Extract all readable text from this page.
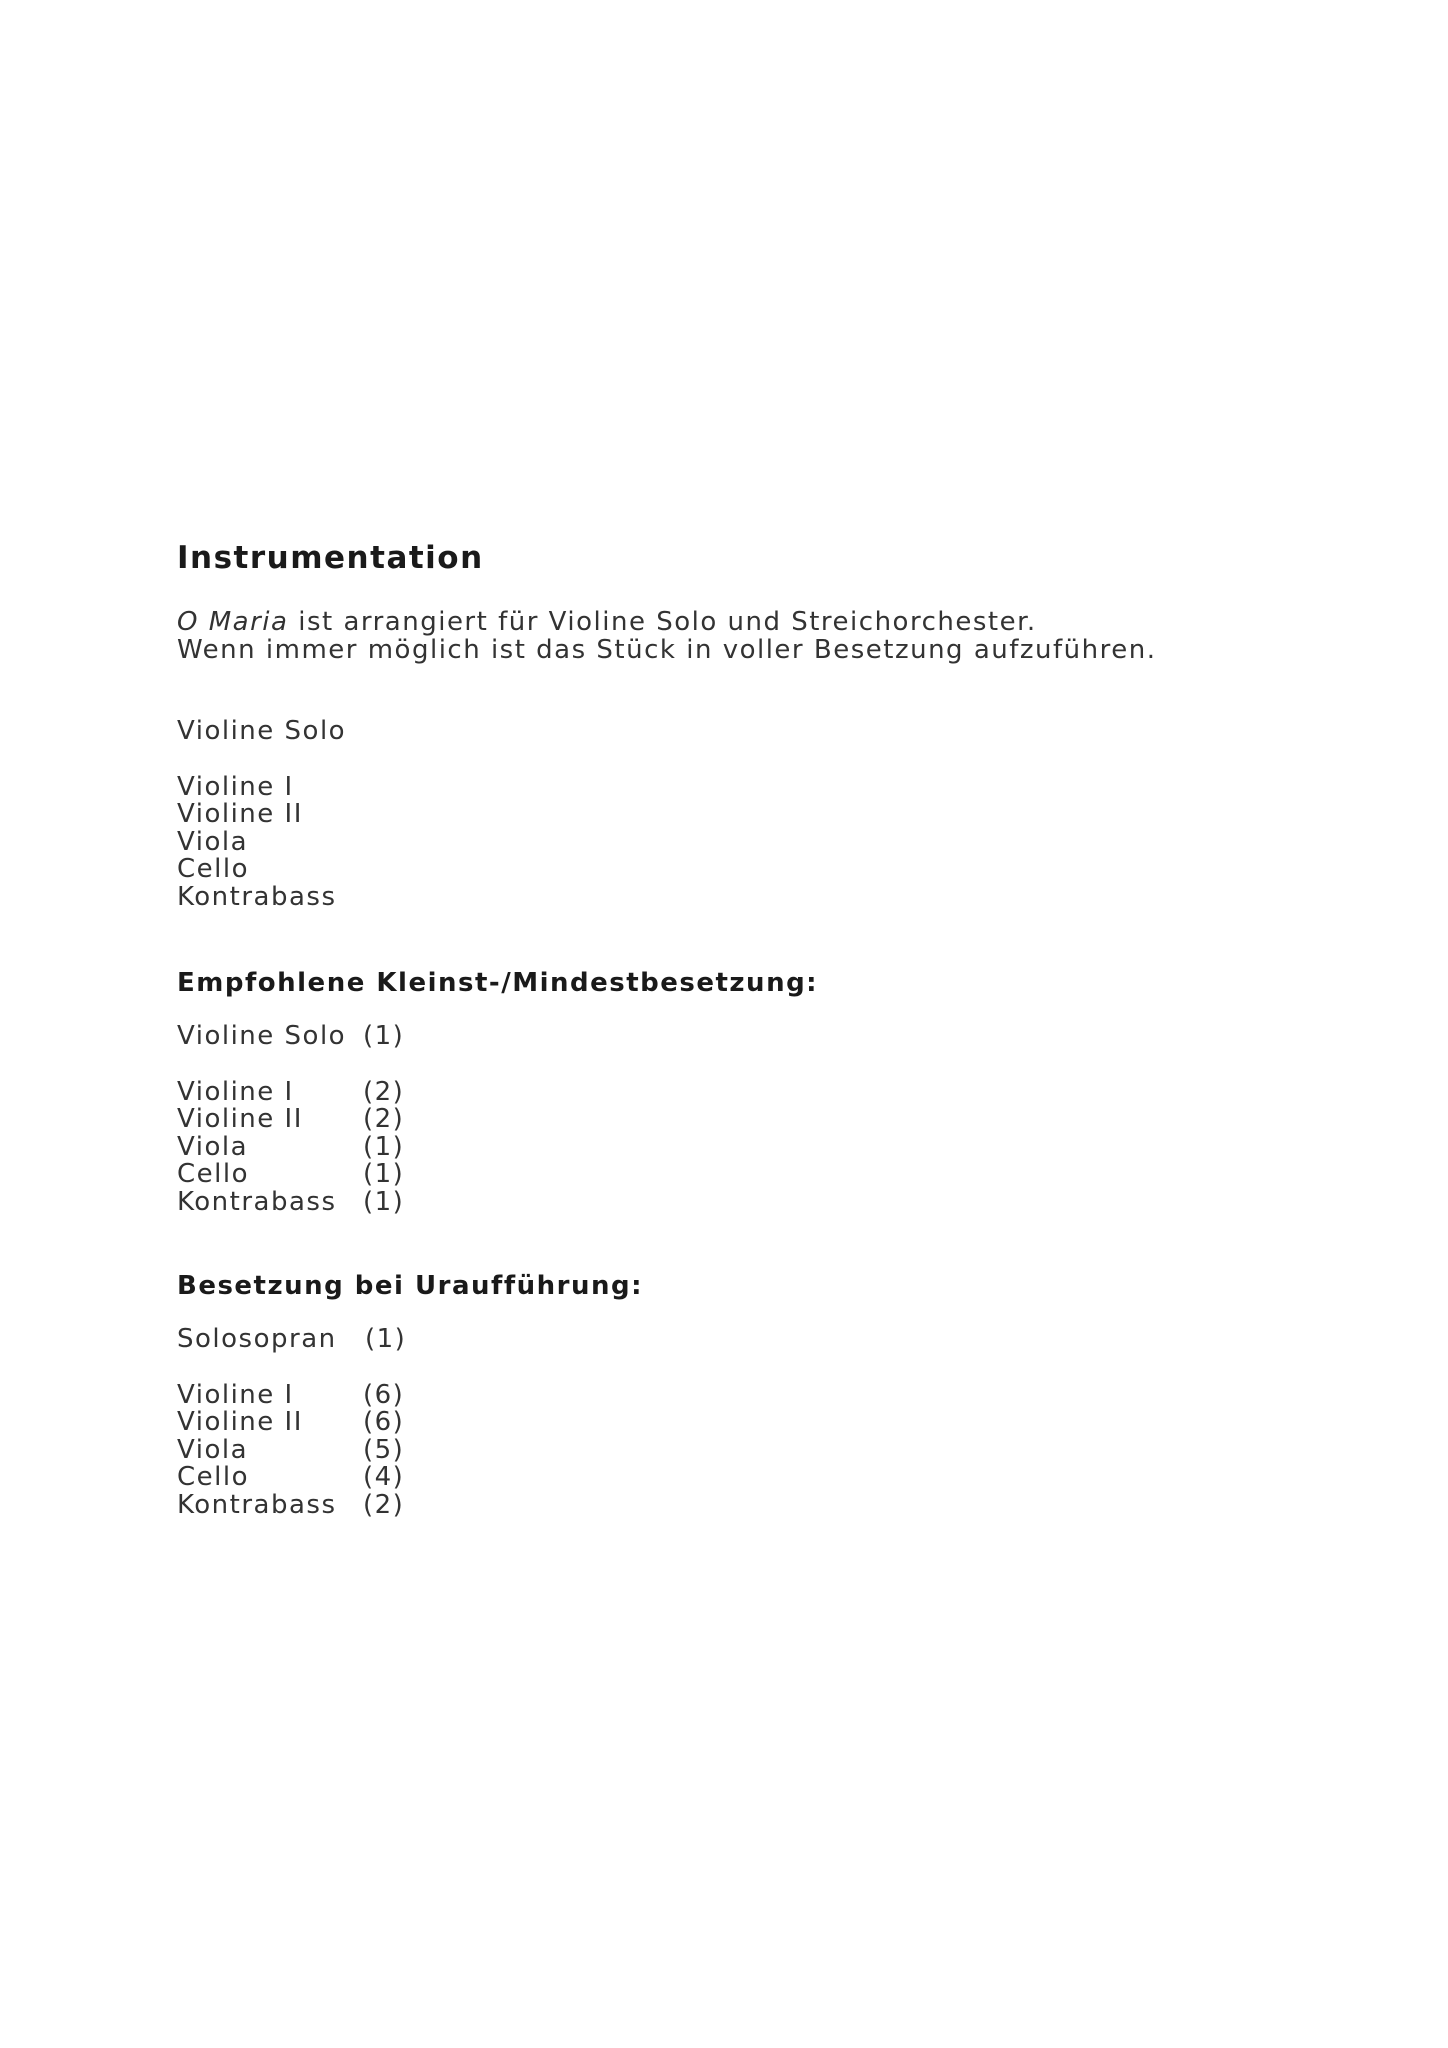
Instrumentation
O Maria ist arrangiert für Violine Solo und Streichorchester.
Wenn immer möglich ist das Stück in voller Besetzung aufzuführen.
Violine Solo
Violine I
Violine II
Viola
Cello
Kontrabass
Empfohlene Kleinst-/Mindestbesetzung:
Violine Solo (1)
Violine I	(2)
Violine II (2)
Viola	(1)
Cello	(1)
Kontrabass (1)
Besetzung bei Uraufführung:
Solosopran (1)
Violine I	(6)
Violine II (6)
Viola	(5)
Cello	(4)
Kontrabass (2)
